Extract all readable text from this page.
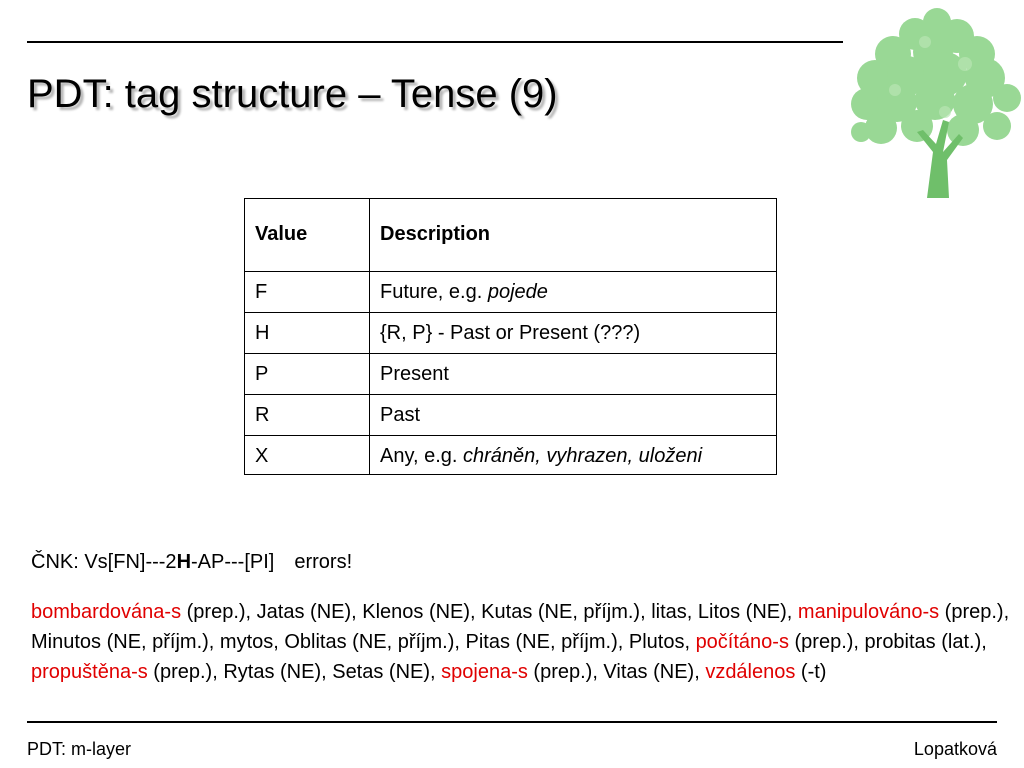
PDT: tag structure – Tense (9)
Value	Description
F	Future, e.g. pojede
H	{R, P} - Past or Present (???)
P	Present
R	Past
X	Any, e.g. chráněn, vyhrazen, uloženi
ČNK: Vs[FN]---2H-AP---[PI] errors!

bombardována-s (prep.), Jatas (NE), Klenos (NE), Kutas (NE, příjm.), litas, Litos (NE), manipulováno-s (prep.), Minutos (NE, příjm.), mytos, Oblitas (NE, příjm.), Pitas (NE, příjm.), Plutos, počítáno-s (prep.), probitas (lat.), propuštěna-s (prep.), Rytas (NE), Setas (NE), spojena-s (prep.), Vitas (NE), vzdálenos (-t)

PDT: m-layer	Lopatková
